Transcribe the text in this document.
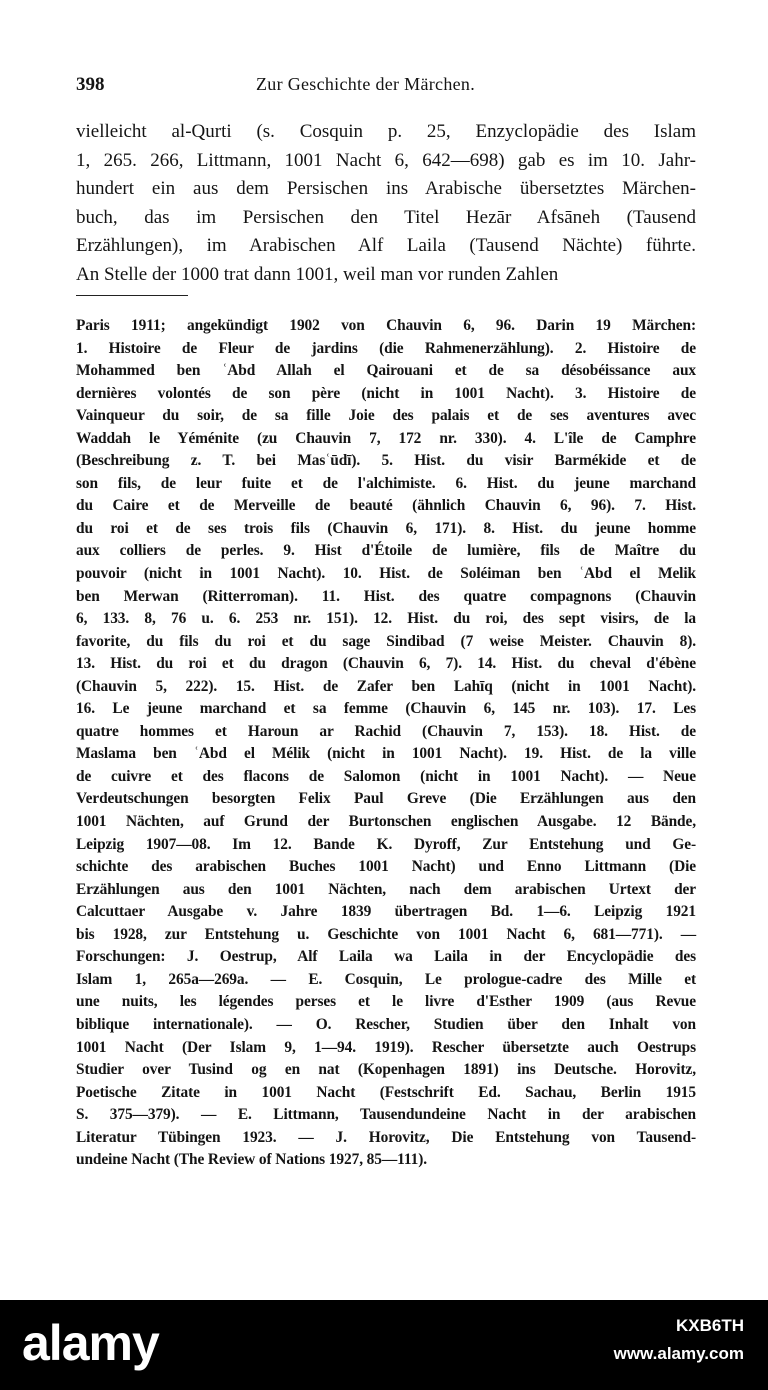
398	Zur Geschichte der Märchen.
vielleicht al-Qurti (s. Cosquin p. 25, Enzyclopädie des Islam
1, 265. 266, Littmann, 1001 Nacht 6, 642—698) gab es im 10. Jahr-
hundert ein aus dem Persischen ins Arabische übersetztes Märchen-
buch, das im Persischen den Titel Hezār Afsāneh (Tausend
Erzählungen), im Arabischen Alf Laila (Tausend Nächte) führte.
An Stelle der 1000 trat dann 1001, weil man vor runden Zahlen
Paris 1911; angekündigt 1902 von Chauvin 6, 96. Darin 19 Märchen:
1. Histoire de Fleur de jardins (die Rahmenerzählung). 2. Histoire de
Mohammed ben ʿAbd Allah el Qairouani et de sa désobéissance aux
dernières volontés de son père (nicht in 1001 Nacht). 3. Histoire de
Vainqueur du soir, de sa fille Joie des palais et de ses aventures avec
Waddah le Yéménite (zu Chauvin 7, 172 nr. 330). 4. L'île de Camphre
(Beschreibung z. T. bei Masʿūdī). 5. Hist. du visir Barmékide et de
son fils, de leur fuite et de l'alchimiste. 6. Hist. du jeune marchand
du Caire et de Merveille de beauté (ähnlich Chauvin 6, 96). 7. Hist.
du roi et de ses trois fils (Chauvin 6, 171). 8. Hist. du jeune homme
aux colliers de perles. 9. Hist d'Étoile de lumière, fils de Maître du
pouvoir (nicht in 1001 Nacht). 10. Hist. de Soléiman ben ʿAbd el Melik
ben Merwan (Ritterroman). 11. Hist. des quatre compagnons (Chauvin
6, 133. 8, 76 u. 6. 253 nr. 151). 12. Hist. du roi, des sept visirs, de la
favorite, du fils du roi et du sage Sindibad (7 weise Meister. Chauvin 8).
13. Hist. du roi et du dragon (Chauvin 6, 7). 14. Hist. du cheval d'ébène
(Chauvin 5, 222). 15. Hist. de Zafer ben Lahīq (nicht in 1001 Nacht).
16. Le jeune marchand et sa femme (Chauvin 6, 145 nr. 103). 17. Les
quatre hommes et Haroun ar Rachid (Chauvin 7, 153). 18. Hist. de
Maslama ben ʿAbd el Mélik (nicht in 1001 Nacht). 19. Hist. de la ville
de cuivre et des flacons de Salomon (nicht in 1001 Nacht). — Neue
Verdeutschungen besorgten Felix Paul Greve (Die Erzählungen aus den
1001 Nächten, auf Grund der Burtonschen englischen Ausgabe. 12 Bände,
Leipzig 1907—08. Im 12. Bande K. Dyroff, Zur Entstehung und Ge-
schichte des arabischen Buches 1001 Nacht) und Enno Littmann (Die
Erzählungen aus den 1001 Nächten, nach dem arabischen Urtext der
Calcuttaer Ausgabe v. Jahre 1839 übertragen Bd. 1—6. Leipzig 1921
bis 1928, zur Entstehung u. Geschichte von 1001 Nacht 6, 681—771). —
Forschungen: J. Oestrup, Alf Laila wa Laila in der Encyclopädie des
Islam 1, 265a—269a. — E. Cosquin, Le prologue-cadre des Mille et
une nuits, les légendes perses et le livre d'Esther 1909 (aus Revue
biblique internationale). — O. Rescher, Studien über den Inhalt von
1001 Nacht (Der Islam 9, 1—94. 1919). Rescher übersetzte auch Oestrups
Studier over Tusind og en nat (Kopenhagen 1891) ins Deutsche. Horovitz,
Poetische Zitate in 1001 Nacht (Festschrift Ed. Sachau, Berlin 1915
S. 375—379). — E. Littmann, Tausendundeine Nacht in der arabischen
Literatur Tübingen 1923. — J. Horovitz, Die Entstehung von Tausend-
undeine Nacht (The Review of Nations 1927, 85—111).
alamy	KXB6TH
www.alamy.com
